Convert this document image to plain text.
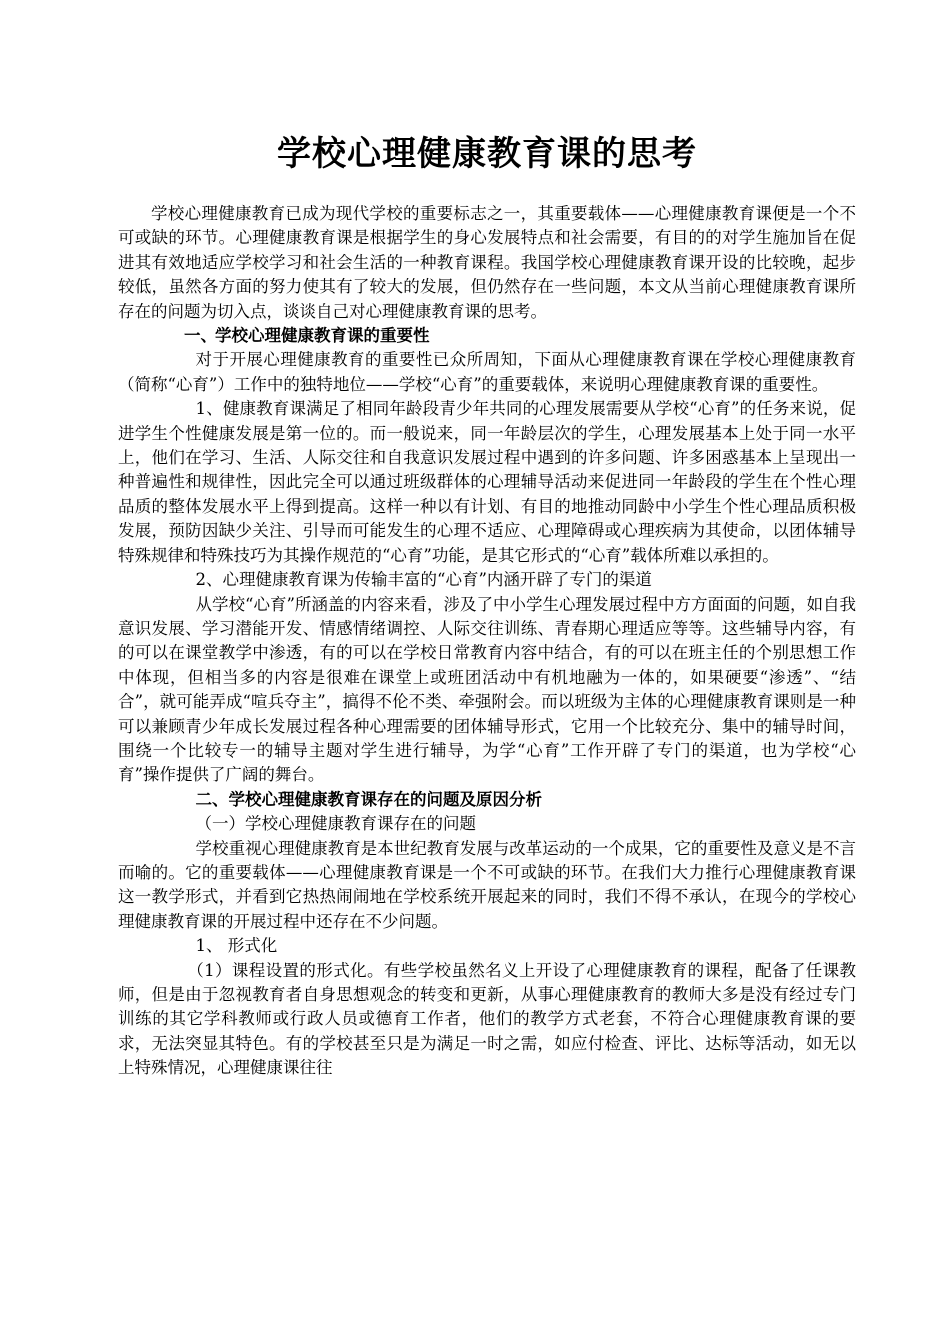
学校心理健康教育课的思考

学校心理健康教育已成为现代学校的重要标志之一，其重要载体——心理健康教育课便是一个不可或缺的环节。心理健康教育课是根据学生的身心发展特点和社会需要，有目的的对学生施加旨在促进其有效地适应学校学习和社会生活的一种教育课程。我国学校心理健康教育课开设的比较晚，起步较低，虽然各方面的努力使其有了较大的发展，但仍然存在一些问题，本文从当前心理健康教育课所存在的问题为切入点，谈谈自己对心理健康教育课的思考。

一、学校心理健康教育课的重要性

对于开展心理健康教育的重要性已众所周知，下面从心理健康教育课在学校心理健康教育（简称“心育”）工作中的独特地位——学校“心育”的重要载体，来说明心理健康教育课的重要性。

1、健康教育课满足了相同年龄段青少年共同的心理发展需要从学校“心育”的任务来说，促进学生个性健康发展是第一位的。而一般说来，同一年龄层次的学生，心理发展基本上处于同一水平上，他们在学习、生活、人际交往和自我意识发展过程中遇到的许多问题、许多困惑基本上呈现出一种普遍性和规律性，因此完全可以通过班级群体的心理辅导活动来促进同一年龄段的学生在个性心理品质的整体发展水平上得到提高。这样一种以有计划、有目的地推动同龄中小学生个性心理品质积极发展，预防因缺少关注、引导而可能发生的心理不适应、心理障碍或心理疾病为其使命，以团体辅导特殊规律和特殊技巧为其操作规范的“心育”功能，是其它形式的“心育”载体所难以承担的。

2、心理健康教育课为传输丰富的“心育”内涵开辟了专门的渠道

从学校“心育”所涵盖的内容来看，涉及了中小学生心理发展过程中方方面面的问题，如自我意识发展、学习潜能开发、情感情绪调控、人际交往训练、青春期心理适应等等。这些辅导内容，有的可以在课堂教学中渗透，有的可以在学校日常教育内容中结合，有的可以在班主任的个别思想工作中体现，但相当多的内容是很难在课堂上或班团活动中有机地融为一体的，如果硬要“渗透”、“结合”，就可能弄成“喧兵夺主”，搞得不伦不类、牵强附会。而以班级为主体的心理健康教育课则是一种可以兼顾青少年成长发展过程各种心理需要的团体辅导形式，它用一个比较充分、集中的辅导时间，围绕一个比较专一的辅导主题对学生进行辅导，为学“心育”工作开辟了专门的渠道，也为学校“心育”操作提供了广阔的舞台。

二、学校心理健康教育课存在的问题及原因分析

（一）学校心理健康教育课存在的问题

学校重视心理健康教育是本世纪教育发展与改革运动的一个成果，它的重要性及意义是不言而喻的。它的重要载体——心理健康教育课是一个不可或缺的环节。在我们大力推行心理健康教育课这一教学形式，并看到它热热闹闹地在学校系统开展起来的同时，我们不得不承认，在现今的学校心理健康教育课的开展过程中还存在不少问题。

1、 形式化

（1）课程设置的形式化。有些学校虽然名义上开设了心理健康教育的课程，配备了任课教师，但是由于忽视教育者自身思想观念的转变和更新，从事心理健康教育的教师大多是没有经过专门训练的其它学科教师或行政人员或德育工作者，他们的教学方式老套，不符合心理健康教育课的要求，无法突显其特色。有的学校甚至只是为满足一时之需，如应付检查、评比、达标等活动，如无以上特殊情况，心理健康课往往
